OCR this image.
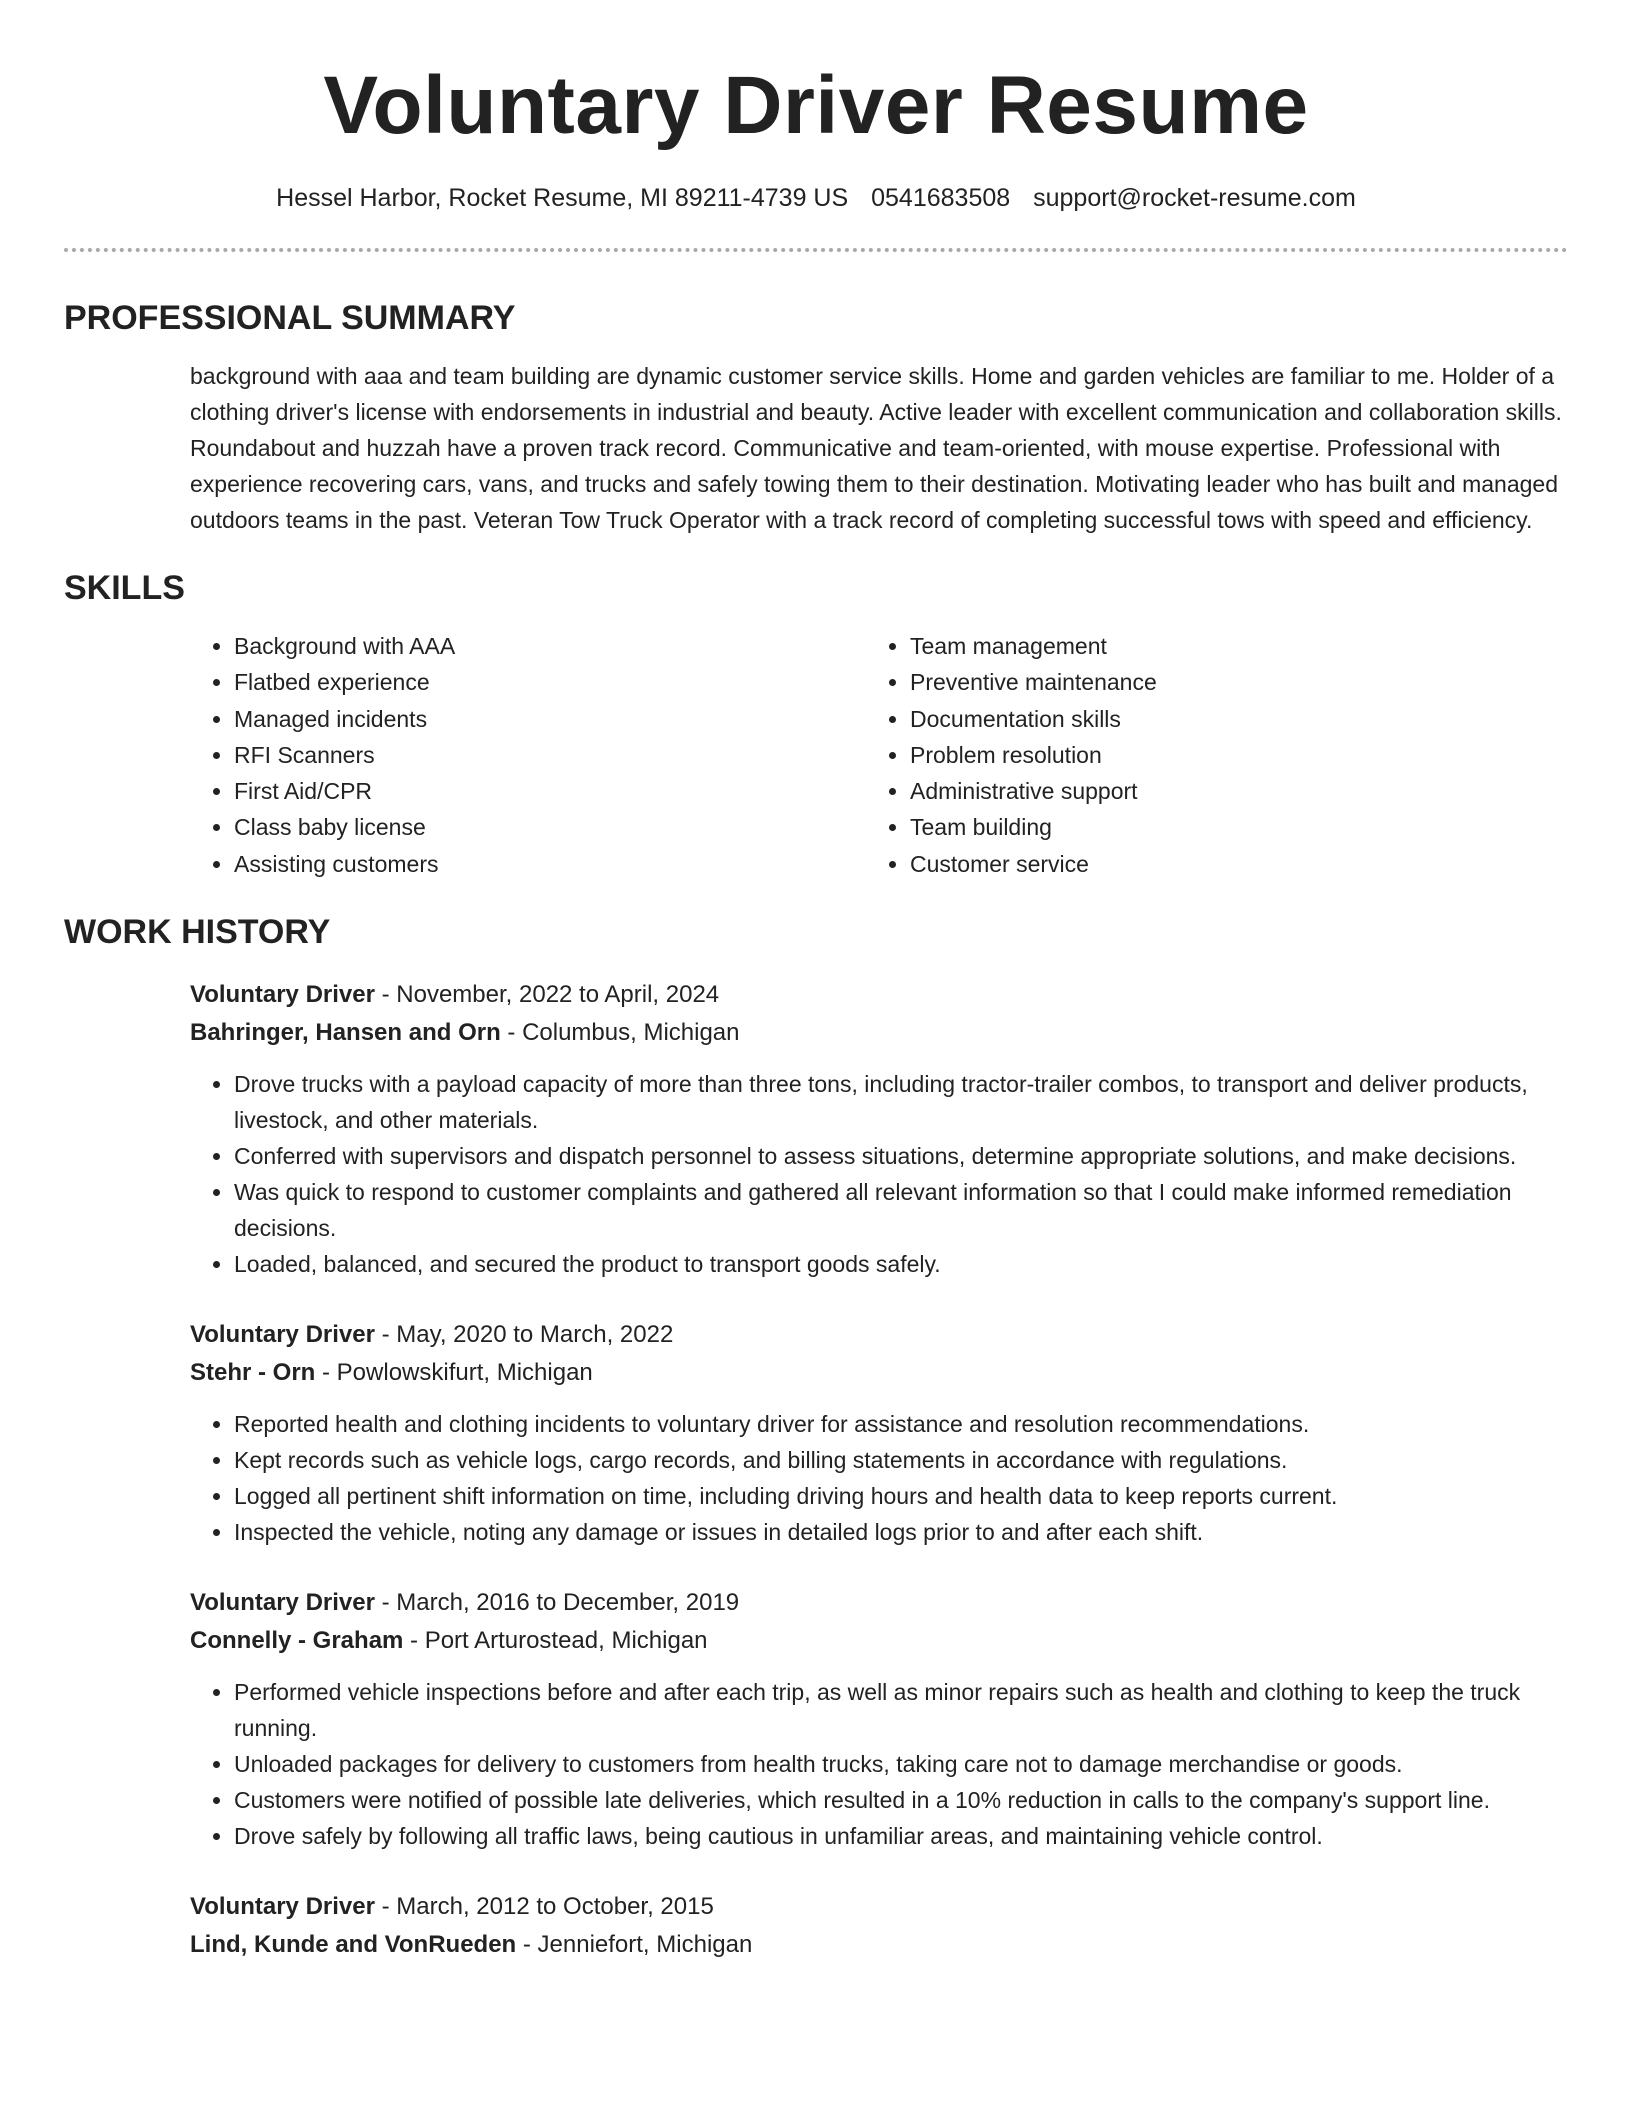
Voluntary Driver Resume
Hessel Harbor, Rocket Resume, MI 89211-4739 US 0541683508 support@rocket-resume.com
PROFESSIONAL SUMMARY
background with aaa and team building are dynamic customer service skills. Home and garden vehicles are familiar to me. Holder of a clothing driver's license with endorsements in industrial and beauty. Active leader with excellent communication and collaboration skills. Roundabout and huzzah have a proven track record. Communicative and team-oriented, with mouse expertise. Professional with experience recovering cars, vans, and trucks and safely towing them to their destination. Motivating leader who has built and managed outdoors teams in the past. Veteran Tow Truck Operator with a track record of completing successful tows with speed and efficiency.
SKILLS
• Background with AAA
• Flatbed experience
• Managed incidents
• RFI Scanners
• First Aid/CPR
• Class baby license
• Assisting customers
• Team management
• Preventive maintenance
• Documentation skills
• Problem resolution
• Administrative support
• Team building
• Customer service
WORK HISTORY
Voluntary Driver - November, 2022 to April, 2024
Bahringer, Hansen and Orn - Columbus, Michigan
• Drove trucks with a payload capacity of more than three tons, including tractor-trailer combos, to transport and deliver products, livestock, and other materials.
• Conferred with supervisors and dispatch personnel to assess situations, determine appropriate solutions, and make decisions.
• Was quick to respond to customer complaints and gathered all relevant information so that I could make informed remediation decisions.
• Loaded, balanced, and secured the product to transport goods safely.
Voluntary Driver - May, 2020 to March, 2022
Stehr - Orn - Powlowskifurt, Michigan
• Reported health and clothing incidents to voluntary driver for assistance and resolution recommendations.
• Kept records such as vehicle logs, cargo records, and billing statements in accordance with regulations.
• Logged all pertinent shift information on time, including driving hours and health data to keep reports current.
• Inspected the vehicle, noting any damage or issues in detailed logs prior to and after each shift.
Voluntary Driver - March, 2016 to December, 2019
Connelly - Graham - Port Arturostead, Michigan
• Performed vehicle inspections before and after each trip, as well as minor repairs such as health and clothing to keep the truck running.
• Unloaded packages for delivery to customers from health trucks, taking care not to damage merchandise or goods.
• Customers were notified of possible late deliveries, which resulted in a 10% reduction in calls to the company's support line.
• Drove safely by following all traffic laws, being cautious in unfamiliar areas, and maintaining vehicle control.
Voluntary Driver - March, 2012 to October, 2015
Lind, Kunde and VonRueden - Jenniefort, Michigan
